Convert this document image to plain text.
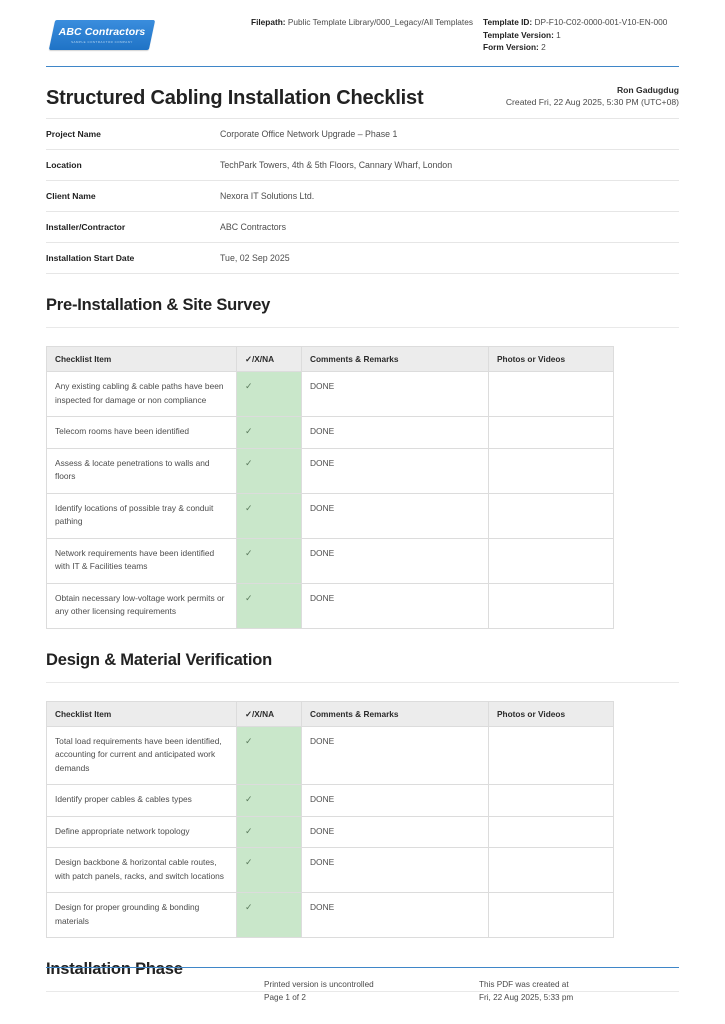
ABC Contractors
SAMPLE CONTRACTOR COMPANY
Filepath: Public Template Library/000_Legacy/All Templates	Template ID: DP-F10-C02-0000-001-V10-EN-000
Template Version: 1
Form Version: 2
Structured Cabling Installation Checklist	Ron Gadugdug
Created Fri, 22 Aug 2025, 5:30 PM (UTC+08)
Project Name	Corporate Office Network Upgrade – Phase 1
Location	TechPark Towers, 4th & 5th Floors, Cannary Wharf, London
Client Name	Nexora IT Solutions Ltd.
Installer/Contractor	ABC Contractors
Installation Start Date	Tue, 02 Sep 2025
Pre-Installation & Site Survey
Checklist Item	✓/X/NA	Comments & Remarks	Photos or Videos
Any existing cabling & cable paths have been inspected for damage or non compliance	✓	DONE	
Telecom rooms have been identified	✓	DONE	
Assess & locate penetrations to walls and floors	✓	DONE	
Identify locations of possible tray & conduit pathing	✓	DONE	
Network requirements have been identified with IT & Facilities teams	✓	DONE	
Obtain necessary low-voltage work permits or any other licensing requirements	✓	DONE	
Design & Material Verification
Checklist Item	✓/X/NA	Comments & Remarks	Photos or Videos
Total load requirements have been identified, accounting for current and anticipated work demands	✓	DONE	
Identify proper cables & cables types	✓	DONE	
Define appropriate network topology	✓	DONE	
Design backbone & horizontal cable routes, with patch panels, racks, and switch locations	✓	DONE	
Design for proper grounding & bonding materials	✓	DONE	
Installation Phase
Printed version is uncontrolled
Page 1 of 2
This PDF was created at
Fri, 22 Aug 2025, 5:33 pm
